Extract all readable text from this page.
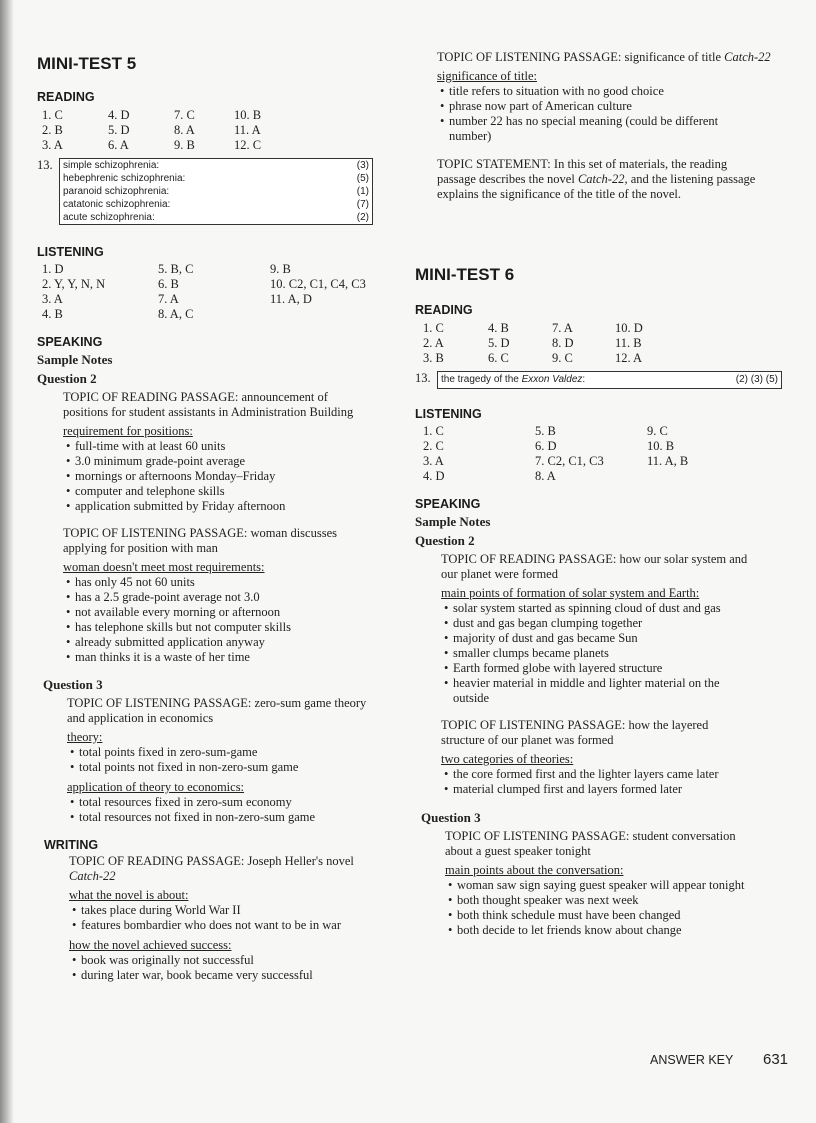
MINI-TEST 5
READING
1. C	4. D	7. C	10. B
2. B	5. D	8. A	11. A
3. A	6. A	9. B	12. C
13.	simple schizophrenia:	(3)
hebephrenic schizophrenia:	(5)
paranoid schizophrenia:	(1)
catatonic schizophrenia:	(7)
acute schizophrenia:	(2)
LISTENING
1. D	5. B, C	9. B
2. Y, Y, N, N	6. B	10. C2, C1, C4, C3
3. A	7. A	11. A, D
4. B	8. A, C
SPEAKING
Sample Notes
Question 2
TOPIC OF READING PASSAGE: announcement of positions for student assistants in Administration Building
requirement for positions:
• full-time with at least 60 units
• 3.0 minimum grade-point average
• mornings or afternoons Monday–Friday
• computer and telephone skills
• application submitted by Friday afternoon
TOPIC OF LISTENING PASSAGE: woman discusses applying for position with man
woman doesn't meet most requirements:
• has only 45 not 60 units
• has a 2.5 grade-point average not 3.0
• not available every morning or afternoon
• has telephone skills but not computer skills
• already submitted application anyway
• man thinks it is a waste of her time
Question 3
TOPIC OF LISTENING PASSAGE: zero-sum game theory and application in economics
theory:
• total points fixed in zero-sum-game
• total points not fixed in non-zero-sum game
application of theory to economics:
• total resources fixed in zero-sum economy
• total resources not fixed in non-zero-sum game
WRITING
TOPIC OF READING PASSAGE: Joseph Heller's novel Catch-22
what the novel is about:
• takes place during World War II
• features bombardier who does not want to be in war
how the novel achieved success:
• book was originally not successful
• during later war, book became very successful
TOPIC OF LISTENING PASSAGE: significance of title Catch-22
significance of title:
• title refers to situation with no good choice
• phrase now part of American culture
• number 22 has no special meaning (could be different number)
TOPIC STATEMENT: In this set of materials, the reading passage describes the novel Catch-22, and the listening passage explains the significance of the title of the novel.
MINI-TEST 6
READING
1. C	4. B	7. A	10. D
2. A	5. D	8. D	11. B
3. B	6. C	9. C	12. A
13.	the tragedy of the Exxon Valdez:	(2) (3) (5)
LISTENING
1. C	5. B	9. C
2. C	6. D	10. B
3. A	7. C2, C1, C3	11. A, B
4. D	8. A
SPEAKING
Sample Notes
Question 2
TOPIC OF READING PASSAGE: how our solar system and our planet were formed
main points of formation of solar system and Earth:
• solar system started as spinning cloud of dust and gas
• dust and gas began clumping together
• majority of dust and gas became Sun
• smaller clumps became planets
• Earth formed globe with layered structure
• heavier material in middle and lighter material on the outside
TOPIC OF LISTENING PASSAGE: how the layered structure of our planet was formed
two categories of theories:
• the core formed first and the lighter layers came later
• material clumped first and layers formed later
Question 3
TOPIC OF LISTENING PASSAGE: student conversation about a guest speaker tonight
main points about the conversation:
• woman saw sign saying guest speaker will appear tonight
• both thought speaker was next week
• both think schedule must have been changed
• both decide to let friends know about change
ANSWER KEY 631
